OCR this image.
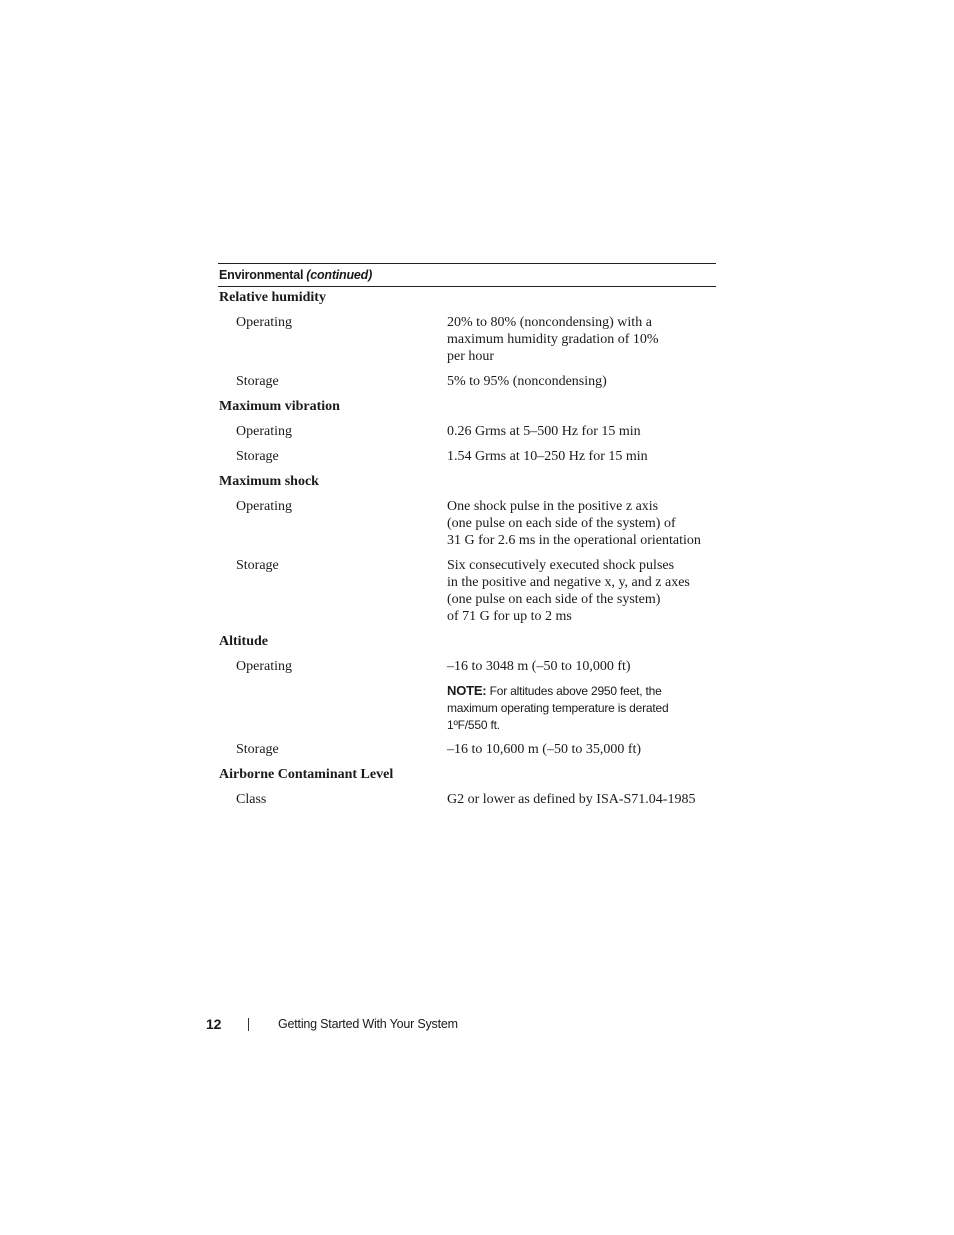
Environmental (continued)
Relative humidity
Operating	20% to 80% (noncondensing) with a
maximum humidity gradation of 10%
per hour
Storage	5% to 95% (noncondensing)
Maximum vibration
Operating	0.26 Grms at 5–500 Hz for 15 min
Storage	1.54 Grms at 10–250 Hz for 15 min
Maximum shock
Operating	One shock pulse in the positive z axis
(one pulse on each side of the system) of
31 G for 2.6 ms in the operational orientation
Storage	Six consecutively executed shock pulses
in the positive and negative x, y, and z axes
(one pulse on each side of the system)
of 71 G for up to 2 ms
Altitude
Operating	–16 to 3048 m (–50 to 10,000 ft)
NOTE: For altitudes above 2950 feet, the
maximum operating temperature is derated
1ºF/550 ft.
Storage	–16 to 10,600 m (–50 to 35,000 ft)
Airborne Contaminant Level
Class	G2 or lower as defined by ISA-S71.04-1985
12	Getting Started With Your System
